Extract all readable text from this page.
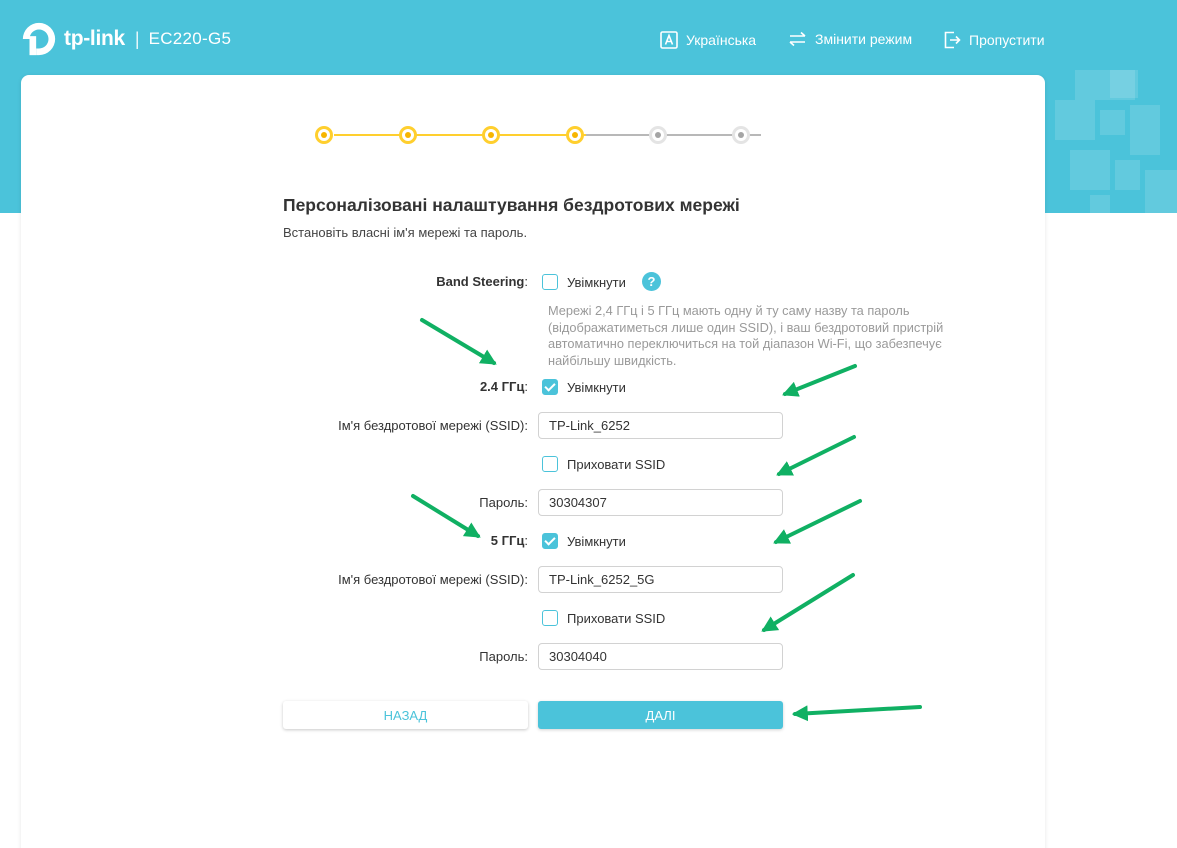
tp-link | EC220-G5	Українська	Змінити режим	Пропустити
Персоналізовані налаштування бездротових мережі
Встановіть власні ім'я мережі та пароль.
Band Steering:	Увімкнути	?
Мережі 2,4 ГГц і 5 ГГц мають одну й ту саму назву та пароль (відображатиметься лише один SSID), і ваш бездротовий пристрій автоматично переключиться на той діапазон Wi-Fi, що забезпечує найбільшу швидкість.
2.4 ГГц:	Увімкнути
Ім'я бездротової мережі (SSID):
TP-Link_6252
Приховати SSID
Пароль:
30304307
5 ГГц:	Увімкнути
Ім'я бездротової мережі (SSID):
TP-Link_6252_5G
Приховати SSID
Пароль:
30304040
НАЗАД	ДАЛІ
